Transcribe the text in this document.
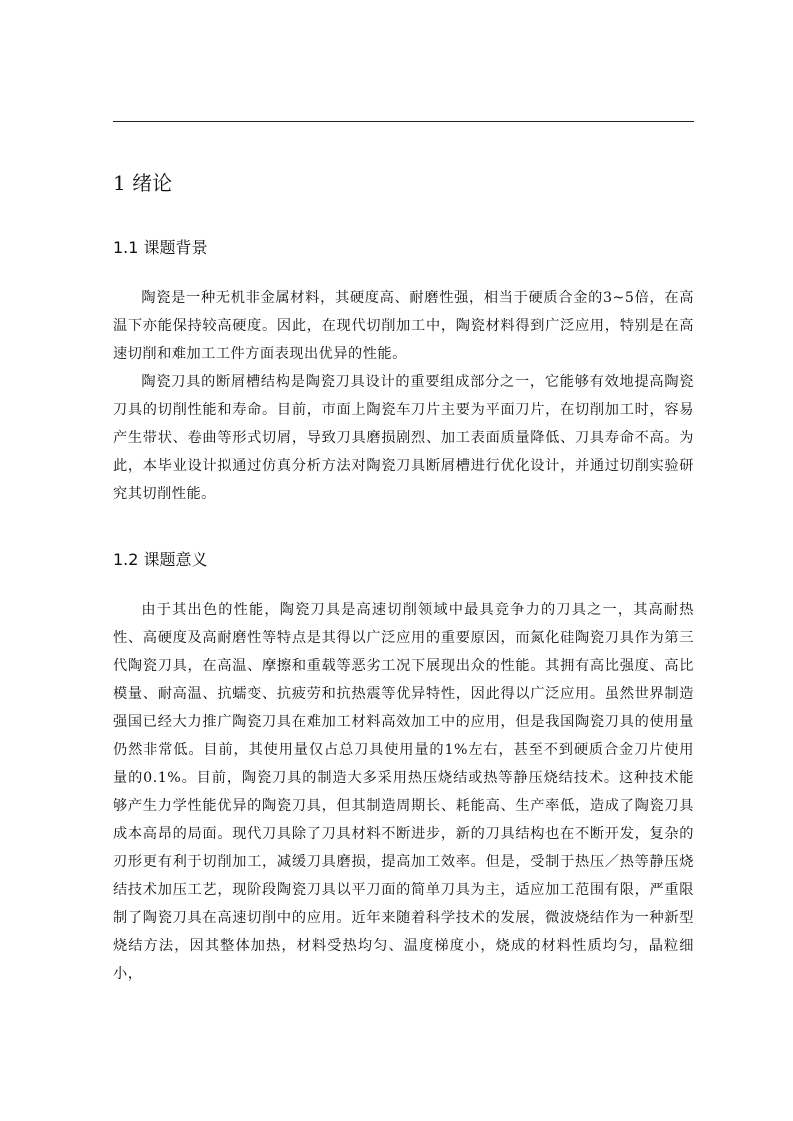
1 绪论
1.1 课题背景

陶瓷是一种无机非金属材料，其硬度高、耐磨性强，相当于硬质合金的3~5倍，在高温下亦能保持较高硬度。因此，在现代切削加工中，陶瓷材料得到广泛应用，特别是在高速切削和难加工工件方面表现出优异的性能。

陶瓷刀具的断屑槽结构是陶瓷刀具设计的重要组成部分之一，它能够有效地提高陶瓷刀具的切削性能和寿命。目前，市面上陶瓷车刀片主要为平面刀片，在切削加工时，容易产生带状、卷曲等形式切屑，导致刀具磨损剧烈、加工表面质量降低、刀具寿命不高。为此，本毕业设计拟通过仿真分析方法对陶瓷刀具断屑槽进行优化设计，并通过切削实验研究其切削性能。

1.2 课题意义

由于其出色的性能，陶瓷刀具是高速切削领域中最具竞争力的刀具之一，其高耐热性、高硬度及高耐磨性等特点是其得以广泛应用的重要原因，而氮化硅陶瓷刀具作为第三代陶瓷刀具，在高温、摩擦和重载等恶劣工况下展现出众的性能。其拥有高比强度、高比模量、耐高温、抗蠕变、抗疲劳和抗热震等优异特性，因此得以广泛应用。虽然世界制造强国已经大力推广陶瓷刀具在难加工材料高效加工中的应用，但是我国陶瓷刀具的使用量仍然非常低。目前，其使用量仅占总刀具使用量的1%左右，甚至不到硬质合金刀片使用量的0.1%。目前，陶瓷刀具的制造大多采用热压烧结或热等静压烧结技术。这种技术能够产生力学性能优异的陶瓷刀具，但其制造周期长、耗能高、生产率低，造成了陶瓷刀具成本高昂的局面。现代刀具除了刀具材料不断进步，新的刀具结构也在不断开发，复杂的刃形更有利于切削加工，减缓刀具磨损，提高加工效率。但是，受制于热压／热等静压烧结技术加压工艺，现阶段陶瓷刀具以平刀面的简单刀具为主，适应加工范围有限，严重限制了陶瓷刀具在高速切削中的应用。近年来随着科学技术的发展，微波烧结作为一种新型烧结方法，因其整体加热，材料受热均匀、温度梯度小，烧成的材料性质均匀，晶粒细小，
